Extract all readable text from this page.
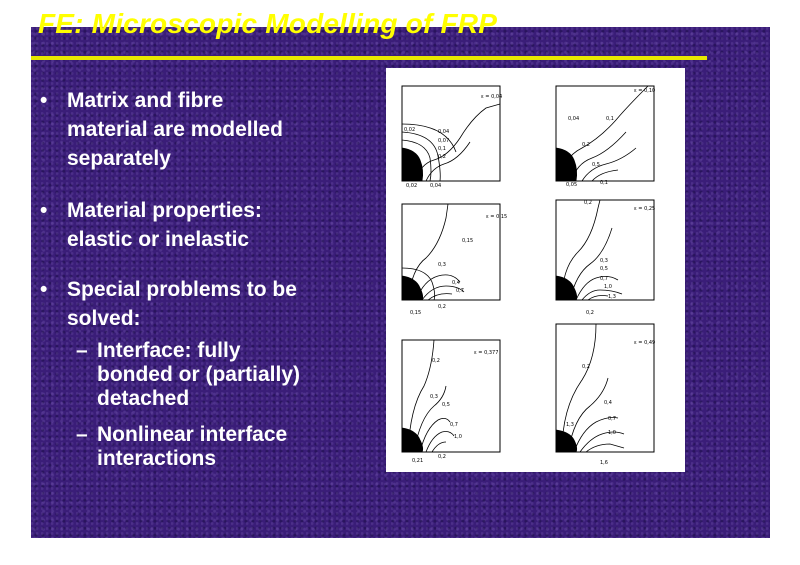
FE: Microscopic Modelling of FRP
• Matrix and fibre
material are modelled
separately
• Material properties:
elastic or inelastic
• Special problems to be
solved:
– Interface: fully
bonded or (partially)
detached
– Nonlinear interface
interactions
ε = 0,04
0,02	0,04
0,07
0,1
0,2
0,02	0,04
ε = 0,10
0,04	0,1
0,2
0,5
0,05	0,1
ε = 0,15
0,15
0,3
0,4
0,7
0,2
0,15
ε = 0,25
0,2
0,3
0,5
0,7
1,0
1,3
0,2
ε = 0,377
0,2
0,3
0,5
0,7
1,0
0,2
0,21
ε = 0,49
0,2
0,4
0,7
1,0
1,3
1,6
